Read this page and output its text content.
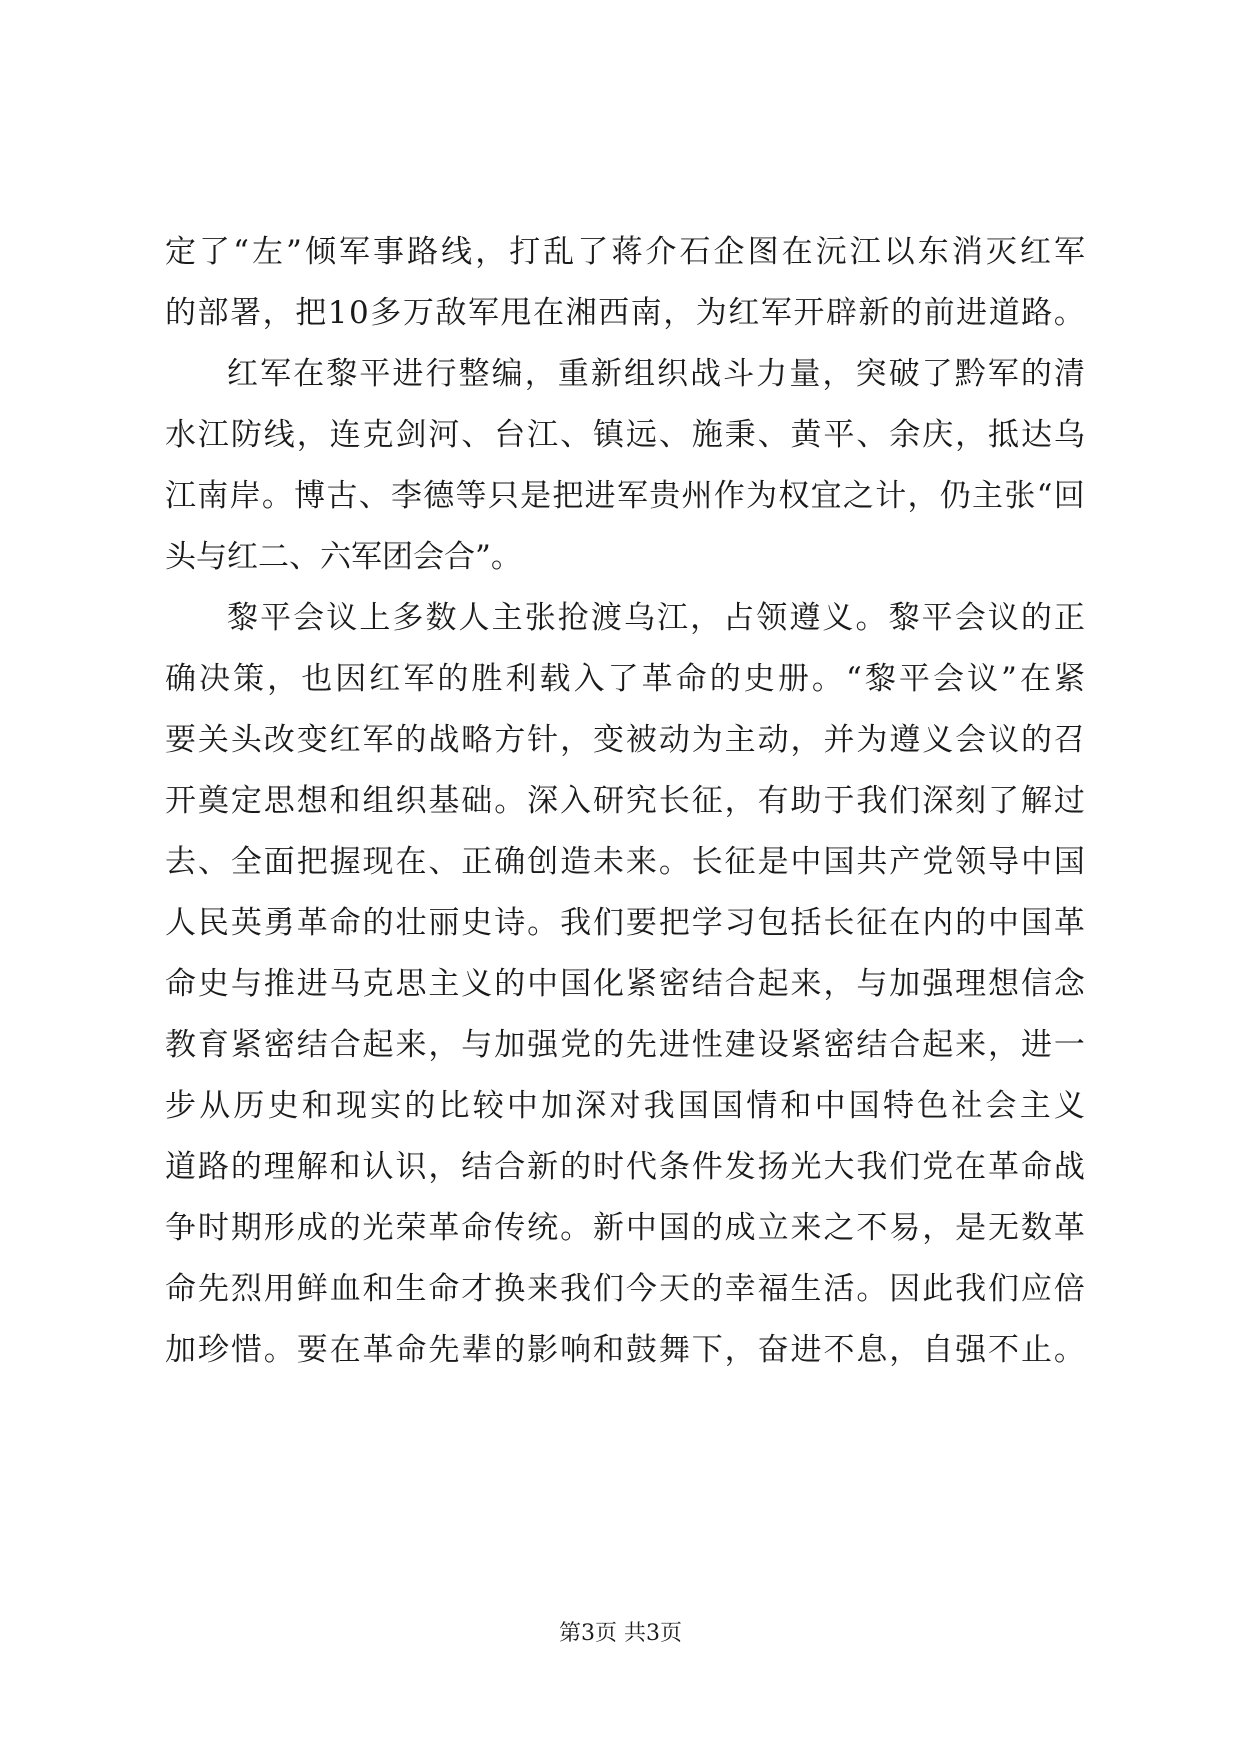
定 了 “ 左 ” 倾 军 事 路 线 ， 打 乱 了 蒋 介 石 企 图 在 沅 江 以 东 消 灭 红 军
的 部 署 ， 把 1 0 多 万 敌 军 甩 在 湘 西 南 ， 为 红 军 开 辟 新 的 前 进 道 路 。
红 军 在 黎 平 进 行 整 编 ， 重 新 组 织 战 斗 力 量 ， 突 破 了 黔 军 的 清
水 江 防 线 ， 连 克 剑 河 、 台 江 、 镇 远 、 施 秉 、 黄 平 、 余 庆 ， 抵 达 乌
江 南 岸 。 博 古 、 李 德 等 只 是 把 进 军 贵 州 作 为 权 宜 之 计 ， 仍 主 张 “ 回
头 与 红 二 、 六 军 团 会 合 ” 。
黎 平 会 议 上 多 数 人 主 张 抢 渡 乌 江 ， 占 领 遵 义 。 黎 平 会 议 的 正
确 决 策 ， 也 因 红 军 的 胜 利 载 入 了 革 命 的 史 册 。 “ 黎 平 会 议 ” 在 紧
要 关 头 改 变 红 军 的 战 略 方 针 ， 变 被 动 为 主 动 ， 并 为 遵 义 会 议 的 召
开 奠 定 思 想 和 组 织 基 础 。 深 入 研 究 长 征 ， 有 助 于 我 们 深 刻 了 解 过
去 、 全 面 把 握 现 在 、 正 确 创 造 未 来 。 长 征 是 中 国 共 产 党 领 导 中 国
人 民 英 勇 革 命 的 壮 丽 史 诗 。 我 们 要 把 学 习 包 括 长 征 在 内 的 中 国 革
命 史 与 推 进 马 克 思 主 义 的 中 国 化 紧 密 结 合 起 来 ， 与 加 强 理 想 信 念
教 育 紧 密 结 合 起 来 ， 与 加 强 党 的 先 进 性 建 设 紧 密 结 合 起 来 ， 进 一
步 从 历 史 和 现 实 的 比 较 中 加 深 对 我 国 国 情 和 中 国 特 色 社 会 主 义
道 路 的 理 解 和 认 识 ， 结 合 新 的 时 代 条 件 发 扬 光 大 我 们 党 在 革 命 战
争 时 期 形 成 的 光 荣 革 命 传 统 。 新 中 国 的 成 立 来 之 不 易 ， 是 无 数 革
命 先 烈 用 鲜 血 和 生 命 才 换 来 我 们 今 天 的 幸 福 生 活 。 因 此 我 们 应 倍
加 珍 惜 。 要 在 革 命 先 辈 的 影 响 和 鼓 舞 下 ， 奋 进 不 息 ， 自 强 不 止 。
第3页 共3页
